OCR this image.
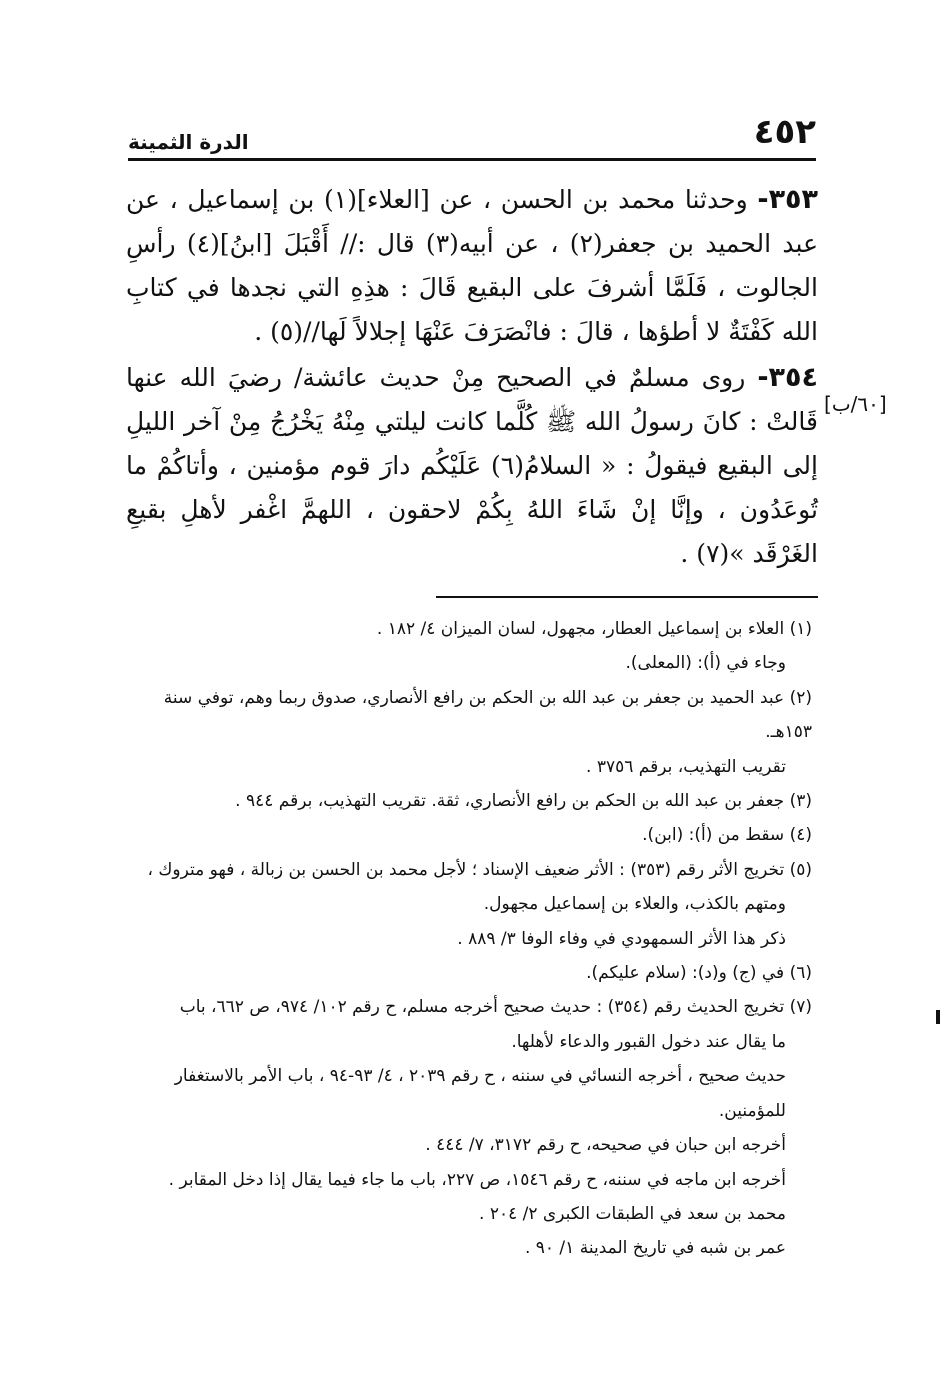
٤٥٢
الدرة الثمينة
[٦٠/ب]

٣٥٣- وحدثنا محمد بن الحسن ، عن [العلاء](١) بن إسماعيل ، عن عبد الحميد بن جعفر(٢) ، عن أبيه(٣) قال :// أَقْبَلَ [ابنُ](٤) رأسِ الجالوت ، فَلَمَّا أشرفَ على البقيع قَالَ : هذِهِ التي نجدها في كتابِ الله كَفْتَةٌ لا أطؤها ، قالَ : فانْصَرَفَ عَنْهَا إجلالاً لَها//(٥) .

٣٥٤- روى مسلمٌ في الصحيح مِنْ حديث عائشة/ رضيَ الله عنها قَالتْ : كانَ رسولُ الله ﷺ كُلَّما كانت ليلتي مِنْهُ يَخْرُجُ مِنْ آخر الليلِ إلى البقيع فيقولُ : « السلامُ(٦) عَلَيْكُم دارَ قوم مؤمنين ، وأتاكُمْ ما تُوعَدُون ، وإنَّا إنْ شَاءَ اللهُ بِكُمْ لاحقون ، اللهمَّ اغْفر لأهلِ بقيعِ الغَرْقَد »(٧) .

(١) العلاء بن إسماعيل العطار، مجهول، لسان الميزان ٤/ ١٨٢ .

وجاء في (أ): (المعلى).

(٢) عبد الحميد بن جعفر بن عبد الله بن الحكم بن رافع الأنصاري، صدوق ربما وهم، توفي سنة ١٥٣هـ.

تقريب التهذيب، برقم ٣٧٥٦ .

(٣) جعفر بن عبد الله بن الحكم بن رافع الأنصاري، ثقة. تقريب التهذيب، برقم ٩٤٤ .

(٤) سقط من (أ): (ابن).

(٥) تخريج الأثر رقم (٣٥٣) : الأثر ضعيف الإسناد ؛ لأجل محمد بن الحسن بن زبالة ، فهو متروك ،

ومتهم بالكذب، والعلاء بن إسماعيل مجهول.

ذكر هذا الأثر السمهودي في وفاء الوفا ٣/ ٨٨٩ .

(٦) في (ج) و(د): (سلام عليكم).

(٧) تخريج الحديث رقم (٣٥٤) : حديث صحيح أخرجه مسلم، ح رقم ١٠٢/ ٩٧٤، ص ٦٦٢، باب

ما يقال عند دخول القبور والدعاء لأهلها.

حديث صحيح ، أخرجه النسائي في سننه ، ح رقم ٢٠٣٩ ، ٤/ ٩٣-٩٤ ، باب الأمر بالاستغفار

للمؤمنين.

أخرجه ابن حبان في صحيحه، ح رقم ٣١٧٢، ٧/ ٤٤٤ .

أخرجه ابن ماجه في سننه، ح رقم ١٥٤٦، ص ٢٢٧، باب ما جاء فيما يقال إذا دخل المقابر .

محمد بن سعد في الطبقات الكبرى ٢/ ٢٠٤ .

عمر بن شبه في تاريخ المدينة ١/ ٩٠ .
